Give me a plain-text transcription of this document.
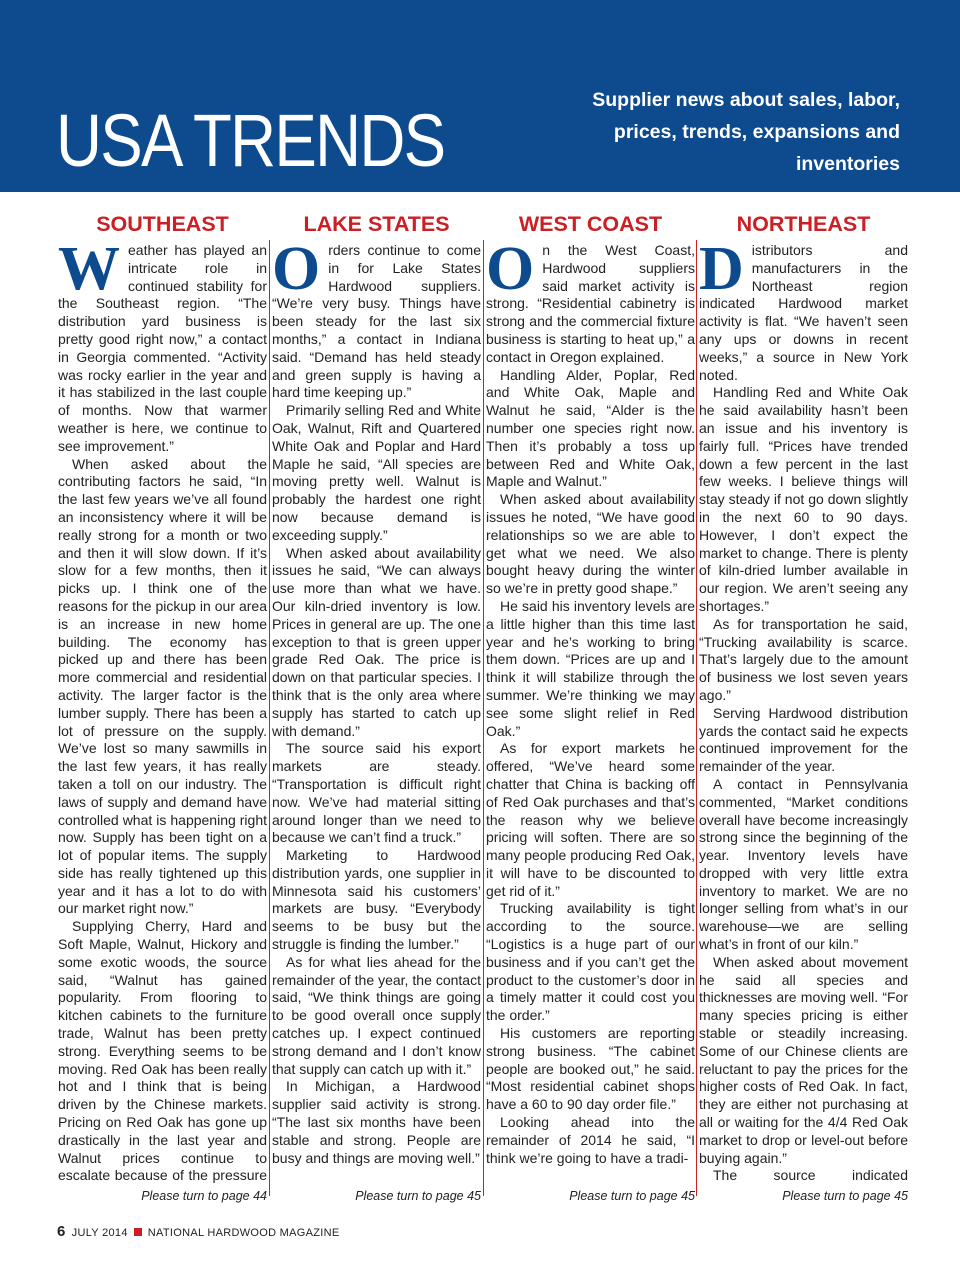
USA TRENDS	Supplier news about sales, labor, prices, trends, expansions and inventories
SOUTHEAST

Weather has played an intricate role in continued stability for the Southeast region. “The distribution yard business is pretty good right now,” a contact in Georgia commented. “Activity was rocky earlier in the year and it has stabilized in the last couple of months. Now that warmer weather is here, we continue to see improvement.”

When asked about the contributing factors he said, “In the last few years we’ve all found an inconsistency where it will be really strong for a month or two and then it will slow down. If it’s slow for a few months, then it picks up. I think one of the reasons for the pickup in our area is an increase in new home building. The economy has picked up and there has been more commercial and residential activity. The larger factor is the lumber supply. There has been a lot of pressure on the supply. We’ve lost so many sawmills in the last few years, it has really taken a toll on our industry. The laws of supply and demand have controlled what is happening right now. Supply has been tight on a lot of popular items. The supply side has really tightened up this year and it has a lot to do with our market right now.”

Supplying Cherry, Hard and Soft Maple, Walnut, Hickory and some exotic woods, the source said, “Walnut has gained popularity. From flooring to kitchen cabinets to the furniture trade, Walnut has been pretty strong. Everything seems to be moving. Red Oak has been really hot and I think that is being driven by the Chinese markets. Pricing on Red Oak has gone up drastically in the last year and Walnut prices continue to escalate because of the pressure

Please turn to page 44
LAKE STATES

Orders continue to come in for Lake States Hardwood suppliers. “We’re very busy. Things have been steady for the last six months,” a contact in Indiana said. “Demand has held steady and green supply is having a hard time keeping up.”

Primarily selling Red and White Oak, Walnut, Rift and Quartered White Oak and Poplar and Hard Maple he said, “All species are moving pretty well. Walnut is probably the hardest one right now because demand is exceeding supply.”

When asked about availability issues he said, “We can always use more than what we have. Our kiln-dried inventory is low. Prices in general are up. The one exception to that is green upper grade Red Oak. The price is down on that particular species. I think that is the only area where supply has started to catch up with demand.”

The source said his export markets are steady. “Transportation is difficult right now. We’ve had material sitting around longer than we need to because we can’t find a truck.”

Marketing to Hardwood distribution yards, one supplier in Minnesota said his customers’ markets are busy. “Everybody seems to be busy but the struggle is finding the lumber.”

As for what lies ahead for the remainder of the year, the contact said, “We think things are going to be good overall once supply catches up. I expect continued strong demand and I don’t know that supply can catch up with it.”

In Michigan, a Hardwood supplier said activity is strong. “The last six months have been stable and strong. People are busy and things are moving well.”

Please turn to page 45
WEST COAST

On the West Coast, Hardwood suppliers said market activity is strong. “Residential cabinetry is strong and the commercial fixture business is starting to heat up,” a contact in Oregon explained.

Handling Alder, Poplar, Red and White Oak, Maple and Walnut he said, “Alder is the number one species right now. Then it’s probably a toss up between Red and White Oak, Maple and Walnut.”

When asked about availability issues he noted, “We have good relationships so we are able to get what we need. We also bought heavy during the winter so we’re in pretty good shape.”

He said his inventory levels are a little higher than this time last year and he’s working to bring them down. “Prices are up and I think it will stabilize through the summer. We’re thinking we may see some slight relief in Red Oak.”

As for export markets he offered, “We’ve heard some chatter that China is backing off of Red Oak purchases and that’s the reason why we believe pricing will soften. There are so many people producing Red Oak, it will have to be discounted to get rid of it.”

Trucking availability is tight according to the source. “Logistics is a huge part of our business and if you can’t get the product to the customer’s door in a timely matter it could cost you the order.”

His customers are reporting strong business. “The cabinet people are booked out,” he said. “Most residential cabinet shops have a 60 to 90 day order file.”

Looking ahead into the remainder of 2014 he said, “I think we’re going to have a tradi-

Please turn to page 45
NORTHEAST

Distributors and manufacturers in the Northeast region indicated Hardwood market activity is flat. “We haven’t seen any ups or downs in recent weeks,” a source in New York noted.

Handling Red and White Oak he said availability hasn’t been an issue and his inventory is fairly full. “Prices have trended down a few percent in the last few weeks. I believe things will stay steady if not go down slightly in the next 60 to 90 days. However, I don’t expect the market to change. There is plenty of kiln-dried lumber available in our region. We aren’t seeing any shortages.”

As for transportation he said, “Trucking availability is scarce. That’s largely due to the amount of business we lost seven years ago.”

Serving Hardwood distribution yards the contact said he expects continued improvement for the remainder of the year.

A contact in Pennsylvania commented, “Market conditions overall have become increasingly strong since the beginning of the year. Inventory levels have dropped with very little extra inventory to market. We are no longer selling from what’s in our warehouse—we are selling what’s in front of our kiln.”

When asked about movement he said all species and thicknesses are moving well. “For many species pricing is either stable or steadily increasing. Some of our Chinese clients are reluctant to pay the prices for the higher costs of Red Oak. In fact, they are either not purchasing at all or waiting for the 4/4 Red Oak market to drop or level-out before buying again.”

The source indicated

Please turn to page 45
6 JULY 2014 NATIONAL HARDWOOD MAGAZINE
